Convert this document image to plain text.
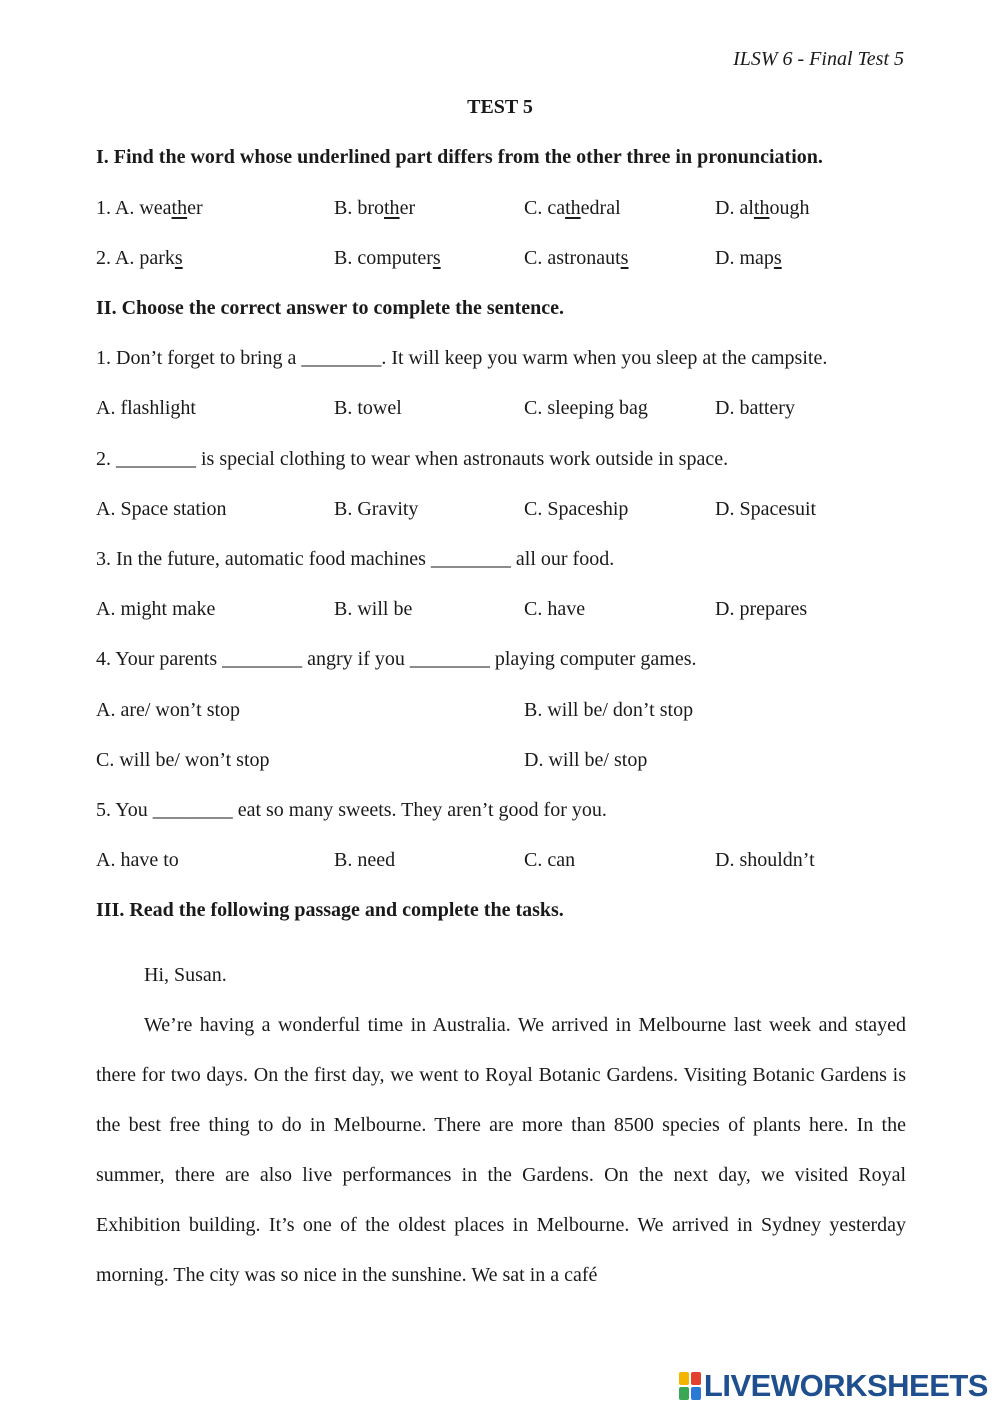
ILSW 6 - Final Test 5
TEST 5
I. Find the word whose underlined part differs from the other three in pronunciation.
1. A. weather	B. brother	C. cathedral	D. although
2. A. parks	B. computers	C. astronauts	D. maps
II. Choose the correct answer to complete the sentence.
1. Don’t forget to bring a ________. It will keep you warm when you sleep at the campsite.
A. flashlight	B. towel	C. sleeping bag	D. battery
2. ________ is special clothing to wear when astronauts work outside in space.
A. Space station	B. Gravity	C. Spaceship	D. Spacesuit
3. In the future, automatic food machines ________ all our food.
A. might make	B. will be	C. have	D. prepares
4. Your parents ________ angry if you ________ playing computer games.
A. are/ won’t stop	B. will be/ don’t stop
C. will be/ won’t stop	D. will be/ stop
5. You ________ eat so many sweets. They aren’t good for you.
A. have to	B. need	C. can	D. shouldn’t
III. Read the following passage and complete the tasks.

Hi, Susan.

We’re having a wonderful time in Australia. We arrived in Melbourne last week and stayed there for two days. On the first day, we went to Royal Botanic Gardens. Visiting Botanic Gardens is the best free thing to do in Melbourne. There are more than 8500 species of plants here. In the summer, there are also live performances in the Gardens. On the next day, we visited Royal Exhibition building. It’s one of the oldest places in Melbourne. We arrived in Sydney yesterday morning. The city was so nice in the sunshine. We sat in a café

LIVEWORKSHEETS
